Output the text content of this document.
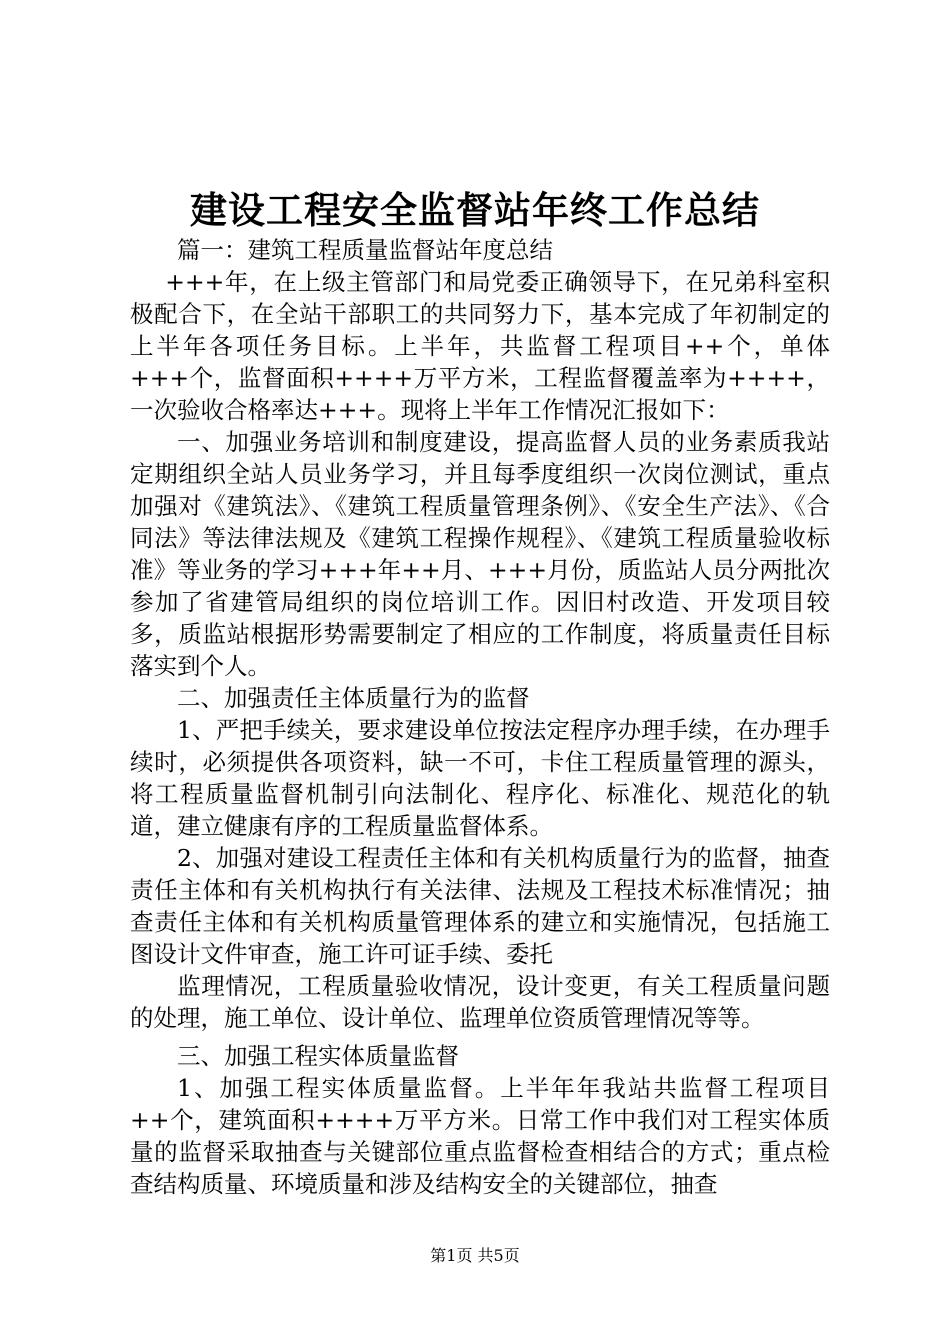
建设工程安全监督站年终工作总结

篇一：建筑工程质量监督站年度总结

+++年，在上级主管部门和局党委正确领导下，在兄弟科室积极配合下，在全站干部职工的共同努力下，基本完成了年初制定的上半年各项任务目标。上半年，共监督工程项目++个，单体+++个，监督面积++++万平方米，工程监督覆盖率为++++，一次验收合格率达+++。现将上半年工作情况汇报如下：

一、加强业务培训和制度建设，提高监督人员的业务素质我站定期组织全站人员业务学习，并且每季度组织一次岗位测试，重点加强对《建筑法》、《建筑工程质量管理条例》、《安全生产法》、《合同法》等法律法规及《建筑工程操作规程》、《建筑工程质量验收标准》等业务的学习+++年++月、+++月份，质监站人员分两批次参加了省建管局组织的岗位培训工作。因旧村改造、开发项目较多，质监站根据形势需要制定了相应的工作制度，将质量责任目标落实到个人。

二、加强责任主体质量行为的监督

1、严把手续关，要求建设单位按法定程序办理手续，在办理手续时，必须提供各项资料，缺一不可，卡住工程质量管理的源头，将工程质量监督机制引向法制化、程序化、标准化、规范化的轨道，建立健康有序的工程质量监督体系。

2、加强对建设工程责任主体和有关机构质量行为的监督，抽查责任主体和有关机构执行有关法律、法规及工程技术标准情况；抽查责任主体和有关机构质量管理体系的建立和实施情况，包括施工图设计文件审查，施工许可证手续、委托

监理情况，工程质量验收情况，设计变更，有关工程质量问题的处理，施工单位、设计单位、监理单位资质管理情况等等。

三、加强工程实体质量监督

1、加强工程实体质量监督。上半年年我站共监督工程项目++个，建筑面积++++万平方米。日常工作中我们对工程实体质量的监督采取抽查与关键部位重点监督检查相结合的方式；重点检查结构质量、环境质量和涉及结构安全的关键部位，抽查

第1页 共5页
